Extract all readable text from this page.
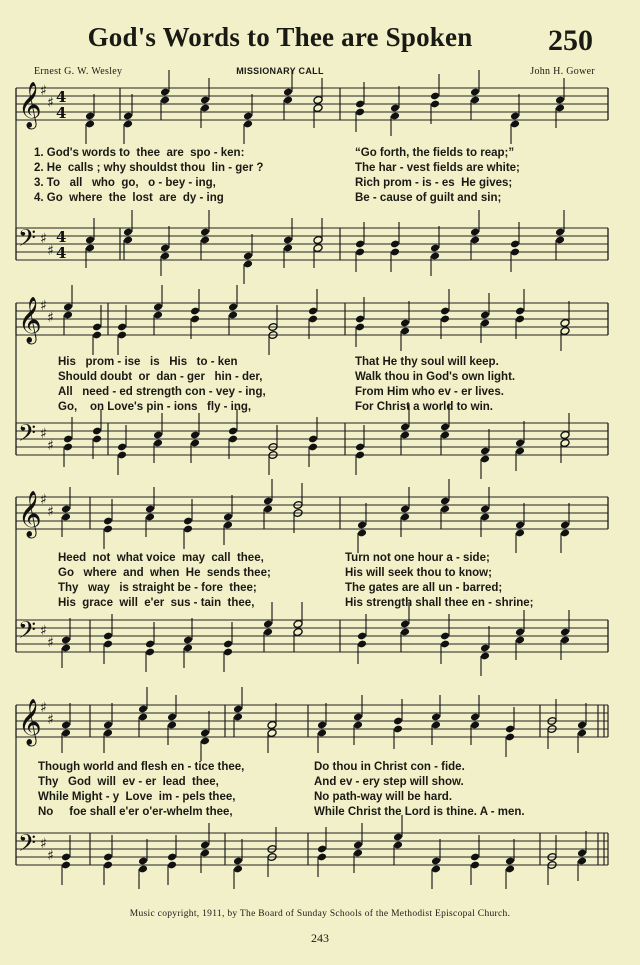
God's Words to Thee are Spoken	250
Ernest G. W. Wesley	MISSIONARY CALL	John H. Gower
𝄞
♯
♯ 4
4
𝄢 ♯
♯
4
4
1. God's words to  thee  are  spo - ken:
2. He  calls ; why shouldst thou  lin - ger ?
3. To   all   who  go,   o - bey - ing,
4. Go  where  the  lost  are  dy - ing
“Go forth, the fields to reap;”
The har - vest fields are white;
Rich prom - is - es  He gives;
Be - cause of guilt and sin;
𝄞
♯
♯
𝄢 ♯
♯
His   prom - ise   is   His   to - ken
Should doubt  or  dan - ger   hin - der,
All   need - ed strength con - vey - ing,
Go,    on Love's pin - ions   fly - ing,
That He thy soul will keep.
Walk thou in God's own light.
From Him who ev - er lives.
For Christ a world to win.
𝄞
♯
♯
𝄢 ♯
♯
Heed  not  what voice  may  call  thee,
Go   where  and  when  He  sends thee;
Thy   way   is straight be - fore  thee;
His  grace  will  e'er  sus - tain  thee,
Turn not one hour a - side;
His will seek thou to know;
The gates are all un - barred;
His strength shall thee en - shrine;
𝄞
♯
♯
𝄢 ♯
♯
Though world and flesh en - tice thee,
Thy   God  will  ev - er  lead  thee,
While Might - y  Love  im - pels thee,
No     foe shall e'er o'er-whelm thee,
Do thou in Christ con - fide.
And ev - ery step will show.
No path-way will be hard.
While Christ the Lord is thine. A - men.
Music copyright, 1911, by The Board of Sunday Schools of the Methodist Episcopal Church.
243
